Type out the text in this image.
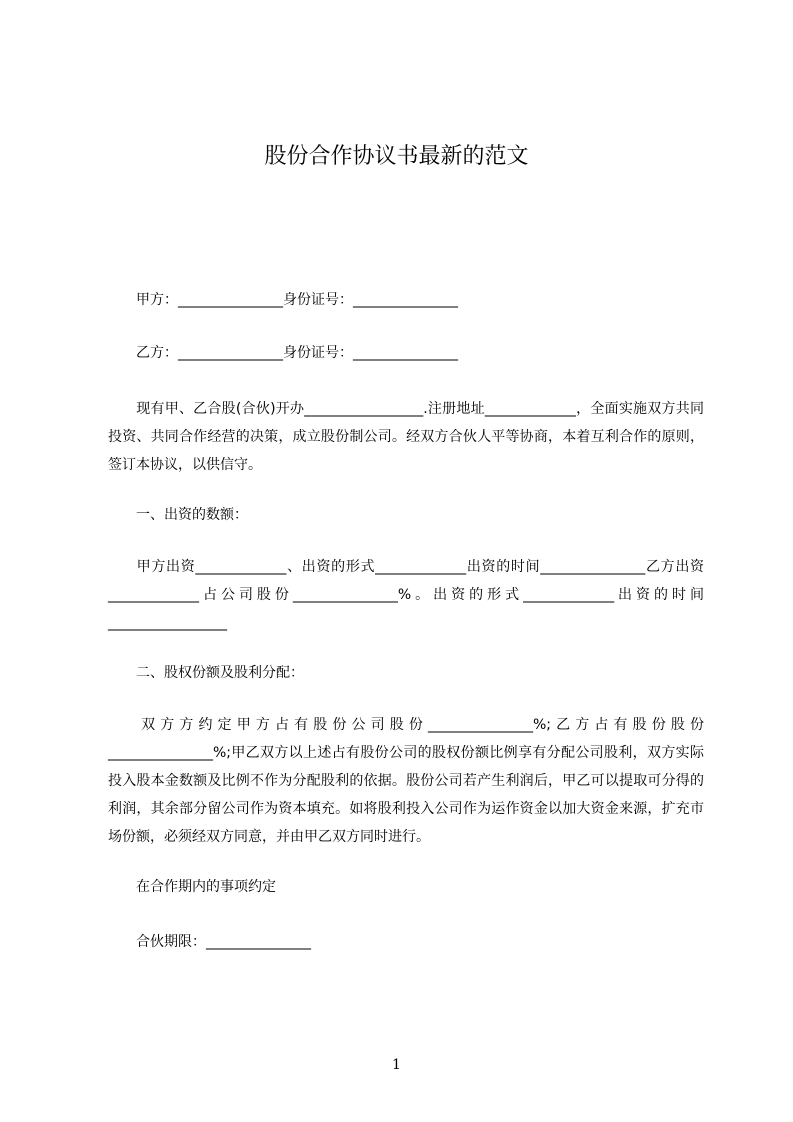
股份合作协议书最新的范文
甲方：_______________身份证号：_______________
乙方：_______________身份证号：_______________
现有甲、乙合股(合伙)开办_________________.注册地址_____________，全面实施双方共同投资、共同合作经营的决策，成立股份制公司。经双方合伙人平等协商，本着互利合作的原则，签订本协议，以供信守。
一、出资的数额：
甲方出资_____________、出资的形式_____________出资的时间_______________乙方出资_____________占公司股份_______________%。出资的形式_____________出资的时间_________________
二、股权份额及股利分配：
双方方约定甲方占有股份公司股份_______________%;乙方占有股份股份_______________%;甲乙双方以上述占有股份公司的股权份额比例享有分配公司股利，双方实际投入股本金数额及比例不作为分配股利的依据。股份公司若产生利润后，甲乙可以提取可分得的利润，其余部分留公司作为资本填充。如将股利投入公司作为运作资金以加大资金来源，扩充市场份额，必须经双方同意，并由甲乙双方同时进行。
在合作期内的事项约定
合伙期限：_______________
1
